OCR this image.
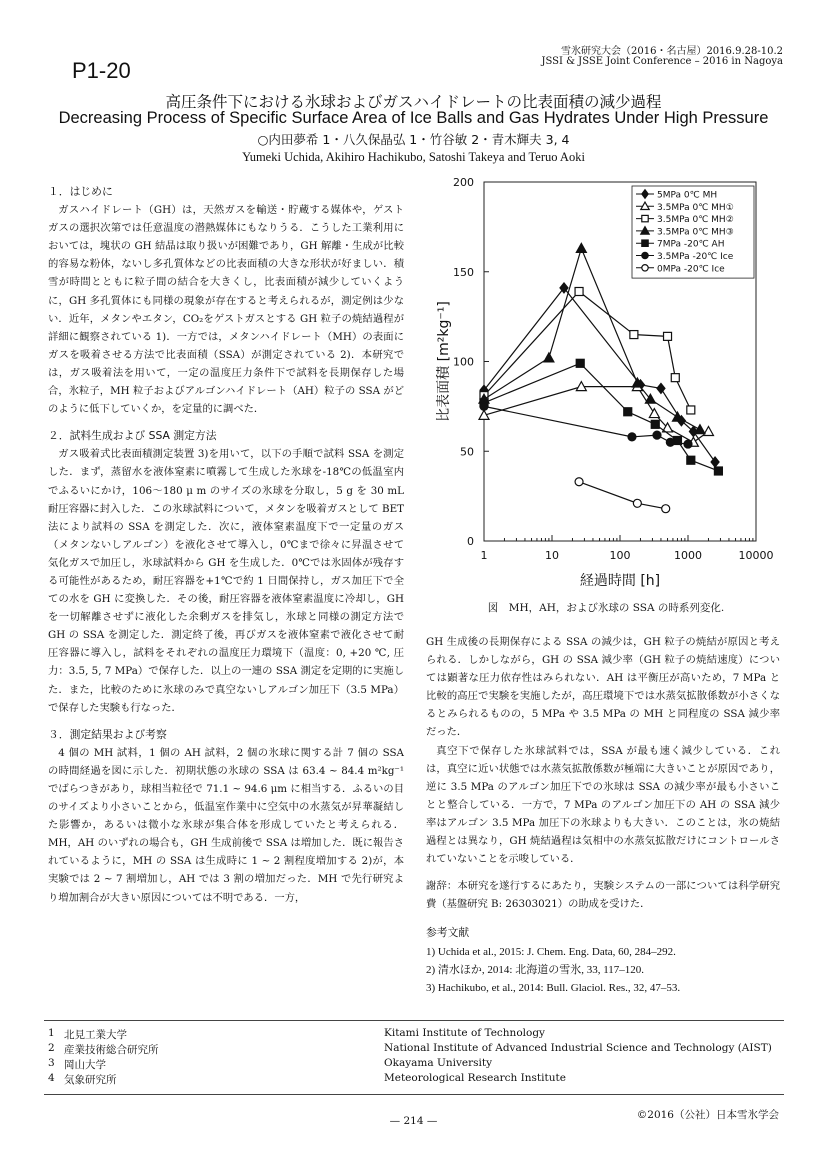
P1-20
雪氷研究大会（2016・名古屋）2016.9.28-10.2
JSSI & JSSE Joint Conference – 2016 in Nagoya
高圧条件下における氷球およびガスハイドレートの比表面積の減少過程
Decreasing Process of Specific Surface Area of Ice Balls and Gas Hydrates Under High Pressure
○内田夢希 1・八久保晶弘 1・竹谷敏 2・青木輝夫 3, 4
Yumeki Uchida, Akihiro Hachikubo, Satoshi Takeya and Teruo Aoki
１．はじめに

ガスハイドレート（GH）は，天然ガスを輸送・貯蔵する媒体や，ゲストガスの選択次第では任意温度の潜熱媒体にもなりうる．こうした工業利用においては，塊状の GH 結晶は取り扱いが困難であり，GH 解離・生成が比較的容易な粉体，ないし多孔質体などの比表面積の大きな形状が好ましい．積雪が時間とともに粒子間の結合を大きくし，比表面積が減少していくように，GH 多孔質体にも同様の現象が存在すると考えられるが，測定例は少ない．近年，メタンやエタン，CO₂をゲストガスとする GH 粒子の焼結過程が詳細に観察されている 1)．一方では，メタンハイドレート（MH）の表面にガスを吸着させる方法で比表面積（SSA）が測定されている 2)．本研究では，ガス吸着法を用いて，一定の温度圧力条件下で試料を長期保存した場合，氷粒子，MH 粒子およびアルゴンハイドレート（AH）粒子の SSA がどのように低下していくか，を定量的に調べた．

２．試料生成および SSA 測定方法

ガス吸着式比表面積測定装置 3)を用いて，以下の手順で試料 SSA を測定した．まず，蒸留水を液体窒素に噴霧して生成した氷球を-18℃の低温室内でふるいにかけ，106～180 μ m のサイズの氷球を分取し，5 g を 30 mL 耐圧容器に封入した．この氷球試料について，メタンを吸着ガスとして BET 法により試料の SSA を測定した．次に，液体窒素温度下で一定量のガス（メタンないしアルゴン）を液化させて導入し，0℃まで徐々に昇温させて気化ガスで加圧し，氷球試料から GH を生成した．0℃では氷固体が残存する可能性があるため，耐圧容器を+1℃で約 1 日間保持し，ガス加圧下で全ての水を GH に変換した．その後，耐圧容器を液体窒素温度に冷却し，GH を一切解離させずに液化した余剰ガスを排気し，氷球と同様の測定方法で GH の SSA を測定した．測定終了後，再びガスを液体窒素で液化させて耐圧容器に導入し，試料をそれぞれの温度圧力環境下（温度：0, +20 ℃, 圧力：3.5, 5, 7 MPa）で保存した．以上の一連の SSA 測定を定期的に実施した．また，比較のために氷球のみで真空ないしアルゴン加圧下（3.5 MPa）で保存した実験も行なった．

３．測定結果および考察

4 個の MH 試料，1 個の AH 試料，2 個の氷球に関する計 7 個の SSA の時間経過を図に示した．初期状態の氷球の SSA は 63.4 ~ 84.4 m²kg⁻¹ でばらつきがあり，球相当粒径で 71.1 ~ 94.6 μm に相当する．ふるいの目のサイズより小さいことから，低温室作業中に空気中の水蒸気が昇華凝結した影響か，あるいは微小な氷球が集合体を形成していたと考えられる．MH，AH のいずれの場合も，GH 生成前後で SSA は増加した．既に報告されているように，MH の SSA は生成時に 1 ~ 2 割程度増加する 2)が，本実験では 2 ~ 7 割増加し，AH では 3 割の増加だった．MH で先行研究より増加割合が大きい原因については不明である．一方，

0
50
100
150
200
1	10	100	1000	10000
経過時間 [h]
比表面積 [m²kg⁻¹]
5MPa 0℃ MH
3.5MPa 0℃ MH①
3.5MPa 0℃ MH②
3.5MPa 0℃ MH③
7MPa -20℃ AH
3.5MPa -20℃ Ice
0MPa -20℃ Ice
図　MH，AH，および氷球の SSA の時系列変化.

GH 生成後の長期保存による SSA の減少は，GH 粒子の焼結が原因と考えられる．しかしながら，GH の SSA 減少率（GH 粒子の焼結速度）については顕著な圧力依存性はみられない．AH は平衡圧が高いため，7 MPa と比較的高圧で実験を実施したが，高圧環境下では水蒸気拡散係数が小さくなるとみられるものの，5 MPa や 3.5 MPa の MH と同程度の SSA 減少率だった．

真空下で保存した氷球試料では，SSA が最も速く減少している．これは，真空に近い状態では水蒸気拡散係数が極端に大きいことが原因であり，逆に 3.5 MPa のアルゴン加圧下での氷球は SSA の減少率が最も小さいことと整合している．一方で，7 MPa のアルゴン加圧下の AH の SSA 減少率はアルゴン 3.5 MPa 加圧下の氷球よりも大きい．このことは，氷の焼結過程とは異なり，GH 焼結過程は気相中の水蒸気拡散だけにコントロールされていないことを示唆している．

謝辞：本研究を遂行するにあたり，実験システムの一部については科学研究費（基盤研究 B: 26303021）の助成を受けた．

参考文献

1) Uchida et al., 2015: J. Chem. Eng. Data, 60, 284–292.

2) 清水ほか, 2014: 北海道の雪氷, 33, 117–120.

3) Hachikubo, et al., 2014: Bull. Glaciol. Res., 32, 47–53.

1 北見工業大学	Kitami Institute of Technology
2 産業技術総合研究所	National Institute of Advanced Industrial Science and Technology (AIST)
3 岡山大学	Okayama University
4 気象研究所	Meteorological Research Institute
©2016（公社）日本雪氷学会
— 214 —
